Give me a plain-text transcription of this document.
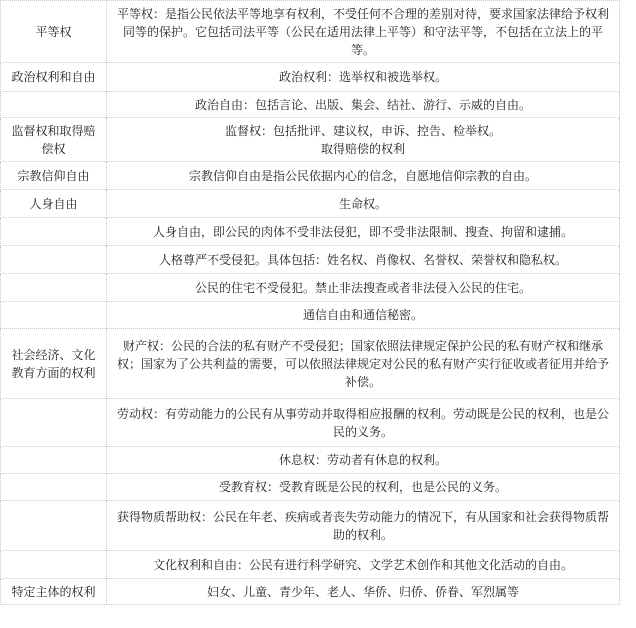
平等权	平等权：是指公民依法平等地享有权利，不受任何不合理的差别对待，要求国家法律给予权利同等的保护。它包括司法平等（公民在适用法律上平等）和守法平等，不包括在立法上的平等。
政治权利和自由	政治权利：选举权和被选举权。
	政治自由：包括言论、出版、集会、结社、游行、示威的自由。
监督权和取得赔偿权	监督权：包括批评、建议权，申诉、控告、检举权。
取得赔偿的权利
宗教信仰自由	宗教信仰自由是指公民依据内心的信念，自愿地信仰宗教的自由。
人身自由	生命权。
	人身自由，即公民的肉体不受非法侵犯，即不受非法限制、搜查、拘留和逮捕。
	人格尊严不受侵犯。具体包括：姓名权、肖像权、名誉权、荣誉权和隐私权。
	公民的住宅不受侵犯。禁止非法搜查或者非法侵入公民的住宅。
	通信自由和通信秘密。
社会经济、文化教育方面的权利	财产权：公民的合法的私有财产不受侵犯；国家依照法律规定保护公民的私有财产权和继承权；国家为了公共利益的需要，可以依照法律规定对公民的私有财产实行征收或者征用并给予补偿。
	劳动权：有劳动能力的公民有从事劳动并取得相应报酬的权利。劳动既是公民的权利，也是公民的义务。
	休息权：劳动者有休息的权利。
	受教育权：受教育既是公民的权利，也是公民的义务。
	获得物质帮助权：公民在年老、疾病或者丧失劳动能力的情况下，有从国家和社会获得物质帮助的权利。
	文化权利和自由：公民有进行科学研究、文学艺术创作和其他文化活动的自由。
特定主体的权利	妇女、儿童、青少年、老人、华侨、归侨、侨眷、军烈属等
